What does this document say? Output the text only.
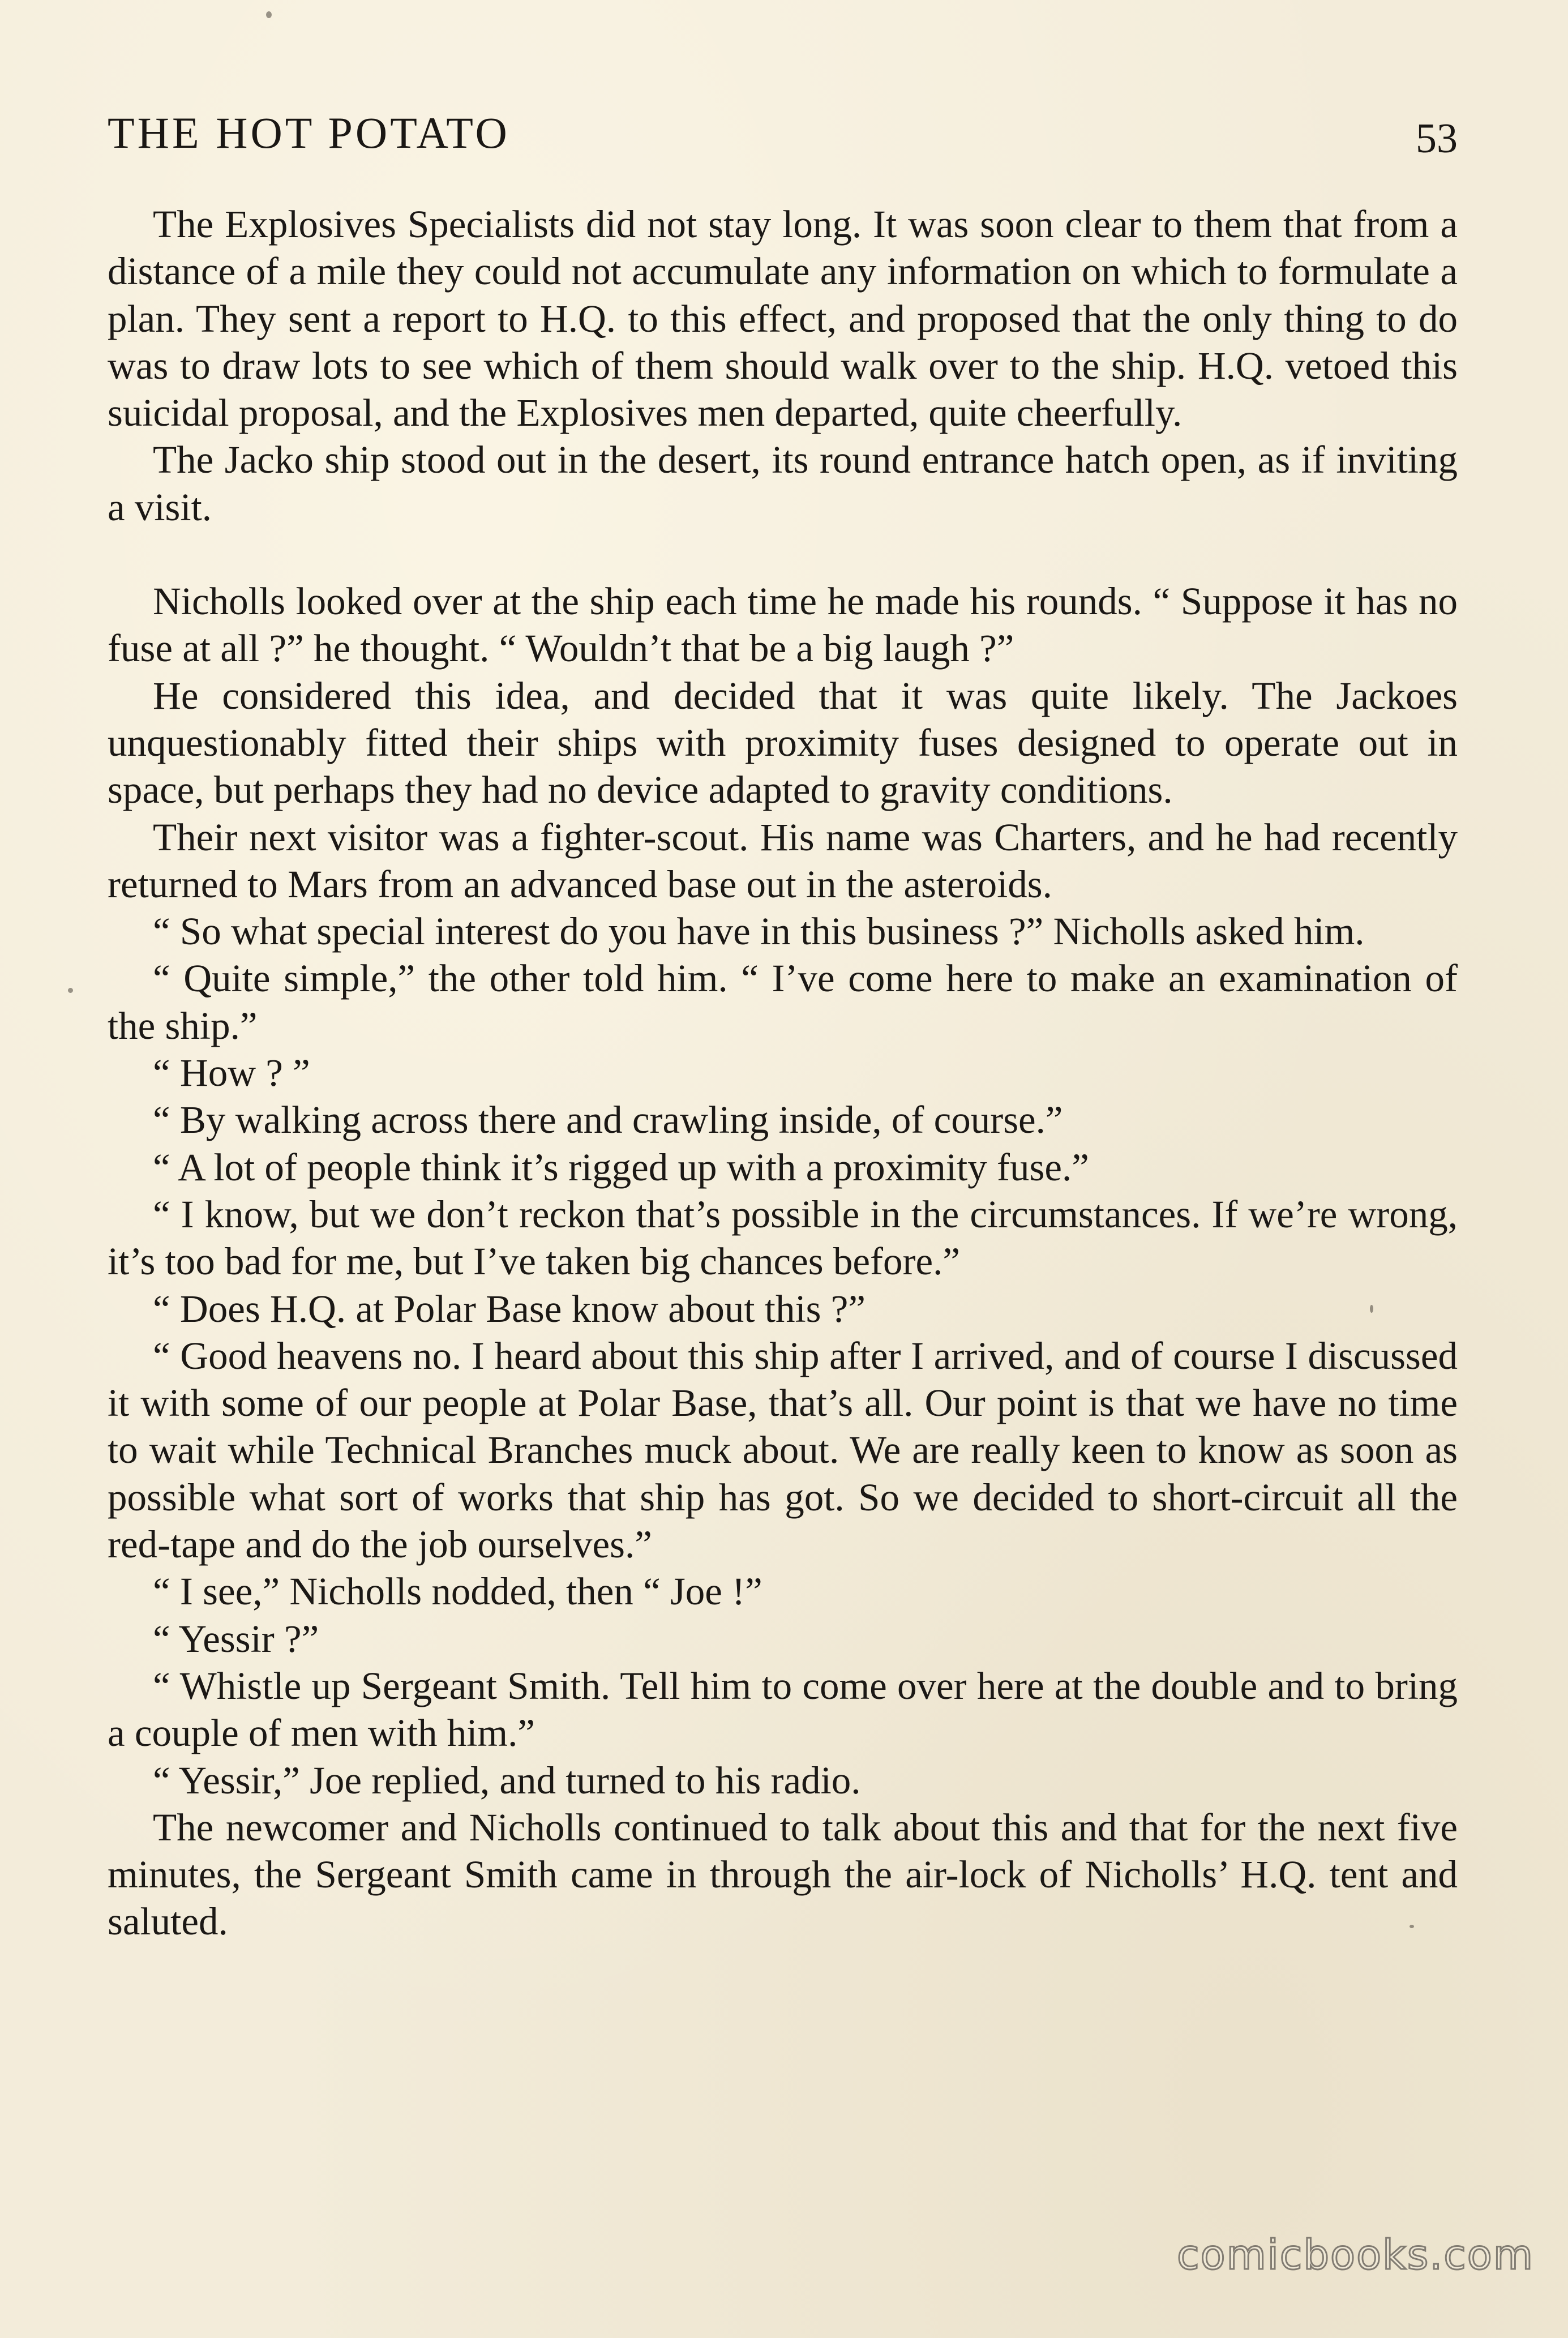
THE HOT POTATO	53

The Explosives Specialists did not stay long. It was soon clear to them that from a distance of a mile they could not accumulate any information on which to formulate a plan. They sent a report to H.Q. to this effect, and proposed that the only thing to do was to draw lots to see which of them should walk over to the ship. H.Q. vetoed this suicidal proposal, and the Explosives men departed, quite cheerfully.

The Jacko ship stood out in the desert, its round entrance hatch open, as if inviting a visit.

Nicholls looked over at the ship each time he made his rounds. “ Suppose it has no fuse at all ?” he thought. “ Wouldn’t that be a big laugh ?”

He considered this idea, and decided that it was quite likely. The Jackoes unquestionably fitted their ships with proximity fuses designed to operate out in space, but perhaps they had no device adapted to gravity conditions.

Their next visitor was a fighter-scout. His name was Charters, and he had recently returned to Mars from an advanced base out in the asteroids.

“ So what special interest do you have in this business ?” Nicholls asked him.

“ Quite simple,” the other told him. “ I’ve come here to make an examination of the ship.”

“ How ? ”

“ By walking across there and crawling inside, of course.”

“ A lot of people think it’s rigged up with a proximity fuse.”

“ I know, but we don’t reckon that’s possible in the circumstances. If we’re wrong, it’s too bad for me, but I’ve taken big chances before.”

“ Does H.Q. at Polar Base know about this ?”

“ Good heavens no. I heard about this ship after I arrived, and of course I discussed it with some of our people at Polar Base, that’s all. Our point is that we have no time to wait while Technical Branches muck about. We are really keen to know as soon as possible what sort of works that ship has got. So we decided to short-circuit all the red-tape and do the job ourselves.”

“ I see,” Nicholls nodded, then “ Joe !”

“ Yessir ?”

“ Whistle up Sergeant Smith. Tell him to come over here at the double and to bring a couple of men with him.”

“ Yessir,” Joe replied, and turned to his radio.

The newcomer and Nicholls continued to talk about this and that for the next five minutes, the Sergeant Smith came in through the air-lock of Nicholls’ H.Q. tent and saluted.

comicbooks.com
